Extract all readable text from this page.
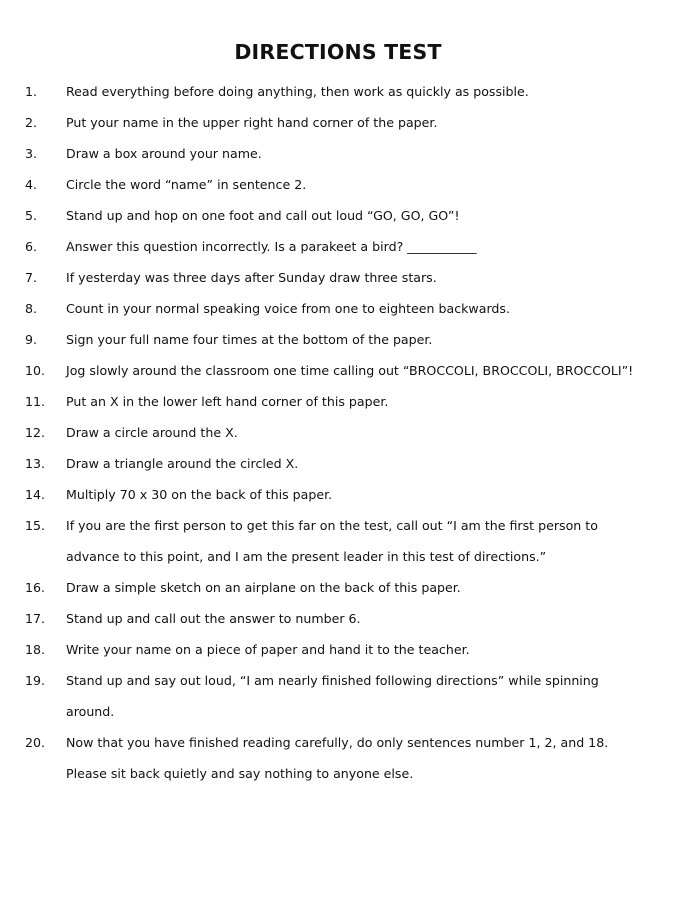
DIRECTIONS TEST
1. Read everything before doing anything, then work as quickly as possible.
2. Put your name in the upper right hand corner of the paper.
3. Draw a box around your name.
4. Circle the word “name” in sentence 2.
5. Stand up and hop on one foot and call out loud “GO, GO, GO”!
6. Answer this question incorrectly. Is a parakeet a bird? ___________
7. If yesterday was three days after Sunday draw three stars.
8. Count in your normal speaking voice from one to eighteen backwards.
9. Sign your full name four times at the bottom of the paper.
10. Jog slowly around the classroom one time calling out “BROCCOLI, BROCCOLI, BROCCOLI”!
11. Put an X in the lower left hand corner of this paper.
12. Draw a circle around the X.
13. Draw a triangle around the circled X.
14. Multiply 70 x 30 on the back of this paper.
15. If you are the first person to get this far on the test, call out “I am the first person to
advance to this point, and I am the present leader in this test of directions.”
16. Draw a simple sketch on an airplane on the back of this paper.
17. Stand up and call out the answer to number 6.
18. Write your name on a piece of paper and hand it to the teacher.
19. Stand up and say out loud, “I am nearly finished following directions” while spinning
around.
20. Now that you have finished reading carefully, do only sentences number 1, 2, and 18.
Please sit back quietly and say nothing to anyone else.
